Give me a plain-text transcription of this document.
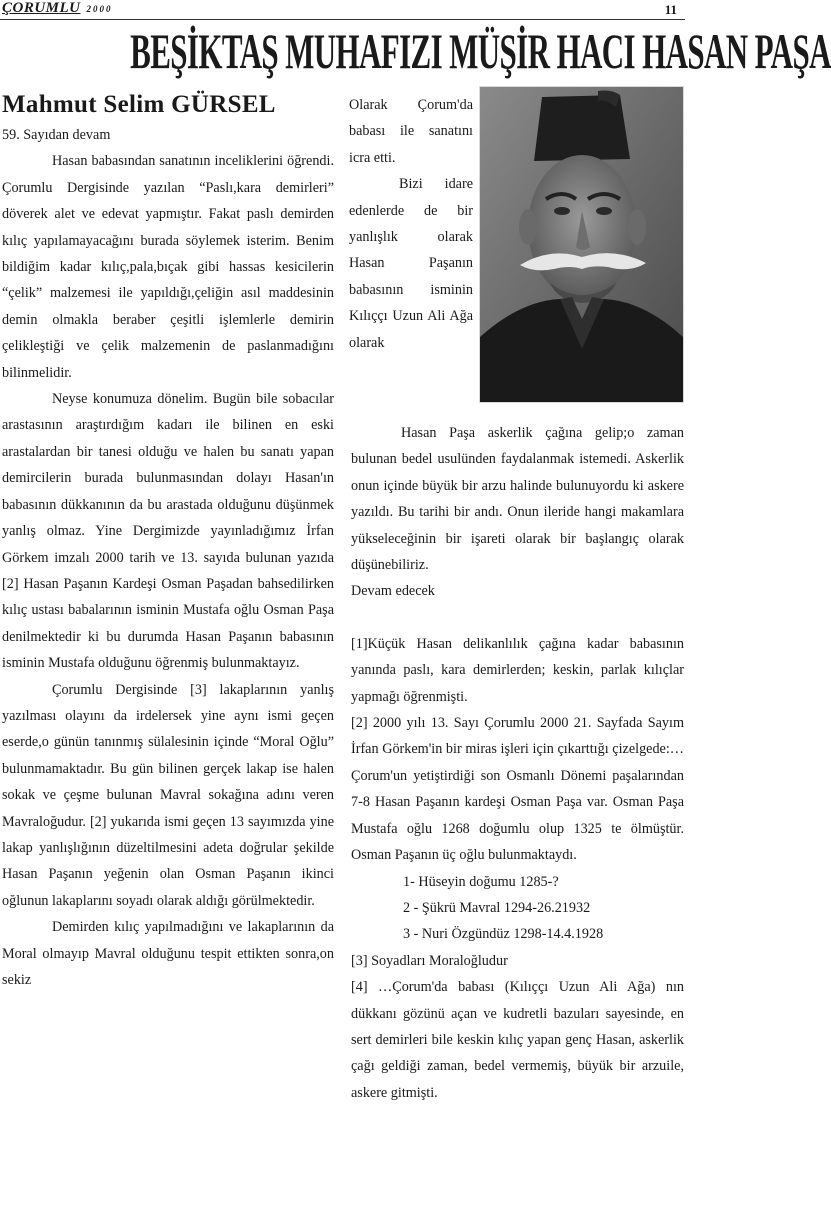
ÇORUMLU 2000	11
BEŞİKTAŞ MUHAFIZI MÜŞİR HACI HASAN PAŞA
Mahmut Selim GÜRSEL

59. Sayıdan devam

Hasan babasından sanatının inceliklerini öğrendi. Çorumlu Dergisinde yazılan “Paslı,kara demirleri” döverek alet ve edevat yapmıştır. Fakat paslı demirden kılıç yapılamayacağını burada söylemek isterim. Benim bildiğim kadar kılıç,pala,bıçak gibi hassas kesicilerin “çelik” malzemesi ile yapıldığı,çeliğin asıl maddesinin demin olmakla beraber çeşitli işlemlerle demirin çelikleştiği ve çelik malzemenin de paslanmadığını bilinmelidir.

Neyse konumuza dönelim. Bugün bile sobacılar arastasının araştırdığım kadarı ile bilinen en eski arastalardan bir tanesi olduğu ve halen bu sanatı yapan demircilerin burada bulunmasından dolayı Hasan'ın babasının dükkanının da bu arastada olduğunu düşünmek yanlış olmaz. Yine Dergimizde yayınladığımız İrfan Görkem imzalı 2000 tarih ve 13. sayıda bulunan yazıda [2] Hasan Paşanın Kardeşi Osman Paşadan bahsedilirken kılıç ustası babalarının isminin Mustafa oğlu Osman Paşa denilmektedir ki bu durumda Hasan Paşanın babasının isminin Mustafa olduğunu öğrenmiş bulunmaktayız.

Çorumlu Dergisinde [3] lakaplarının yanlış yazılması olayını da irdelersek yine aynı ismi geçen eserde,o günün tanınmış sülalesinin içinde “Moral Oğlu” bulunmamaktadır. Bu gün bilinen gerçek lakap ise halen sokak ve çeşme bulunan Mavral sokağına adını veren Mavraloğudur. [2] yukarıda ismi geçen 13 sayımızda yine lakap yanlışlığının düzeltilmesini adeta doğrular şekilde Hasan Paşanın yeğenin olan Osman Paşanın ikinci oğlunun lakaplarını soyadı olarak aldığı görülmektedir.

Demirden kılıç yapılmadığını ve lakaplarının da Moral olmayıp Mavral olduğunu tespit ettikten sonra,on sekiz

Olarak Çorum'da babası ile sanatını icra etti.

Bizi idare edenlerde de bir yanlışlık olarak Hasan Paşanın babasının isminin Kılıççı Uzun Ali Ağa olarak

Hasan Paşa askerlik çağına gelip;o zaman bulunan bedel usulünden faydalanmak istemedi. Askerlik onun içinde büyük bir arzu halinde bulunuyordu ki askere yazıldı. Bu tarihi bir andı. Onun ileride hangi makamlara yükseleceğinin bir işareti olarak bir başlangıç olarak düşünebiliriz.

Devam edecek

[1]Küçük Hasan delikanlılık çağına kadar babasının yanında paslı, kara demirlerden; keskin, parlak kılıçlar yapmağı öğrenmişti.

[2] 2000 yılı 13. Sayı Çorumlu 2000 21. Sayfada Sayım İrfan Görkem'in bir miras işleri için çıkarttığı çizelgede:…Çorum'un yetiştirdiği son Osmanlı Dönemi paşalarından 7-8 Hasan Paşanın kardeşi Osman Paşa var. Osman Paşa Mustafa oğlu 1268 doğumlu olup 1325 te ölmüştür. Osman Paşanın üç oğlu bulunmaktaydı.

1- Hüseyin doğumu 1285-?

2 - Şükrü Mavral 1294-26.21932

3 - Nuri Özgündüz 1298-14.4.1928

[3] Soyadları Moraloğludur

[4] …Çorum'da babası (Kılıççı Uzun Ali Ağa) nın dükkanı gözünü açan ve kudretli bazuları sayesinde, en sert demirleri bile keskin kılıç yapan genç Hasan, askerlik çağı geldiği zaman, bedel vermemiş, büyük bir arzuile, askere gitmişti.
